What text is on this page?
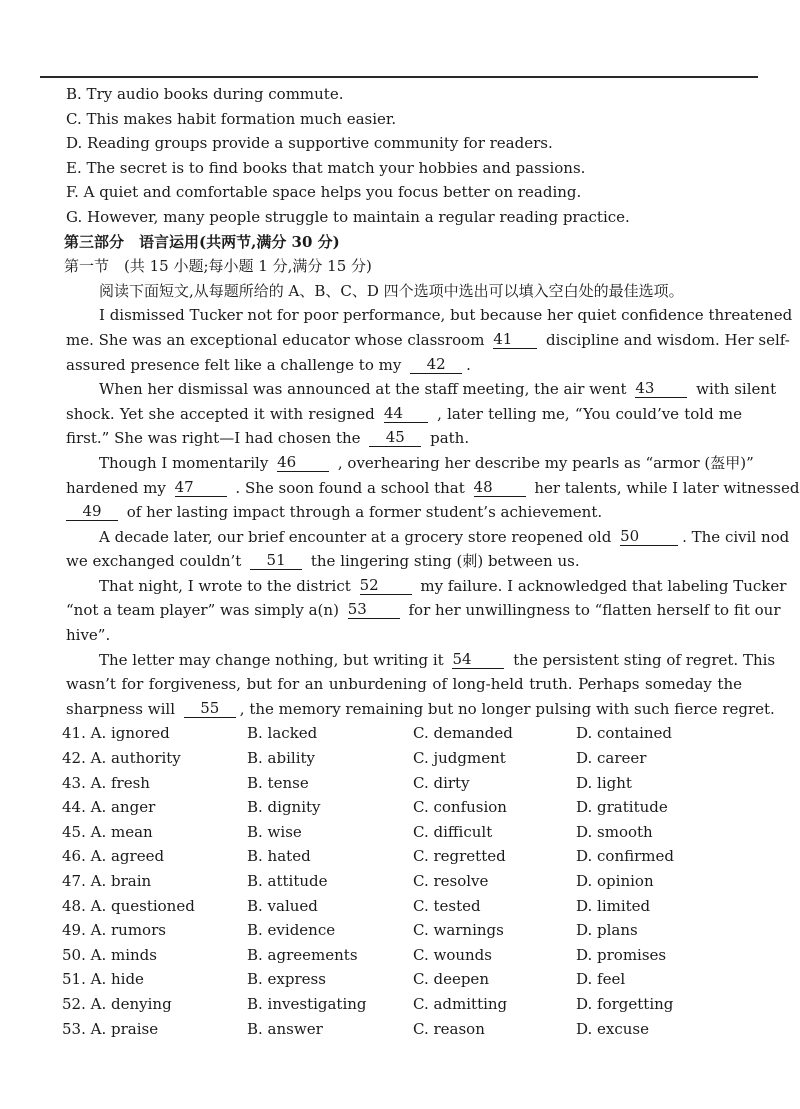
B. Try audio books during commute.
C. This makes habit formation much easier.
D. Reading groups provide a supportive community for readers.
E. The secret is to find books that match your hobbies and passions.
F. A quiet and comfortable space helps you focus better on reading.
G. However, many people struggle to maintain a regular reading practice.
第三部分　语言运用(共两节,满分 30 分)
第一节　(共 15 小题;每小题 1 分,满分 15 分)
阅读下面短文,从每题所给的 A、B、C、D 四个选项中选出可以填入空白处的最佳选项。
I dismissed Tucker not for poor performance, but because her quiet confidence threatened
me. She was an exceptional educator whose classroom 41 discipline and wisdom. Her self-
assured presence felt like a challenge to my 42 .
When her dismissal was announced at the staff meeting, the air went 43	with silent
shock. Yet she accepted it with resigned 44 , later telling me, “You could’ve told me
first.” She was right—I had chosen the 45 path.
Though I momentarily 46	, overhearing her describe my pearls as “armor (盔甲)”
hardened my 47	. She soon found a school that 48	her talents, while I later witnessed
49 of her lasting impact through a former student’s achievement.
A decade later, our brief encounter at a grocery store reopened old 50	. The civil nod
we exchanged couldn’t 51 the lingering sting (刺) between us.
That night, I wrote to the district 52	my failure. I acknowledged that labeling Tucker
“not a team player” was simply a(n) 53	for her unwillingness to “flatten herself to fit our
hive”.
The letter may change nothing, but writing it 54	the persistent sting of regret. This
wasn’t for forgiveness, but for an unburdening of long-held truth. Perhaps someday the
sharpness will 55 , the memory remaining but no longer pulsing with such fierce regret.
41. A. ignored	B. lacked	C. demanded	D. contained
42. A. authority	B. ability	C. judgment	D. career
43. A. fresh	B. tense	C. dirty	D. light
44. A. anger	B. dignity	C. confusion	D. gratitude
45. A. mean	B. wise	C. difficult	D. smooth
46. A. agreed	B. hated	C. regretted	D. confirmed
47. A. brain	B. attitude	C. resolve	D. opinion
48. A. questioned	B. valued	C. tested	D. limited
49. A. rumors	B. evidence	C. warnings	D. plans
50. A. minds	B. agreements	C. wounds	D. promises
51. A. hide	B. express	C. deepen	D. feel
52. A. denying	B. investigating	C. admitting	D. forgetting
53. A. praise	B. answer	C. reason	D. excuse
